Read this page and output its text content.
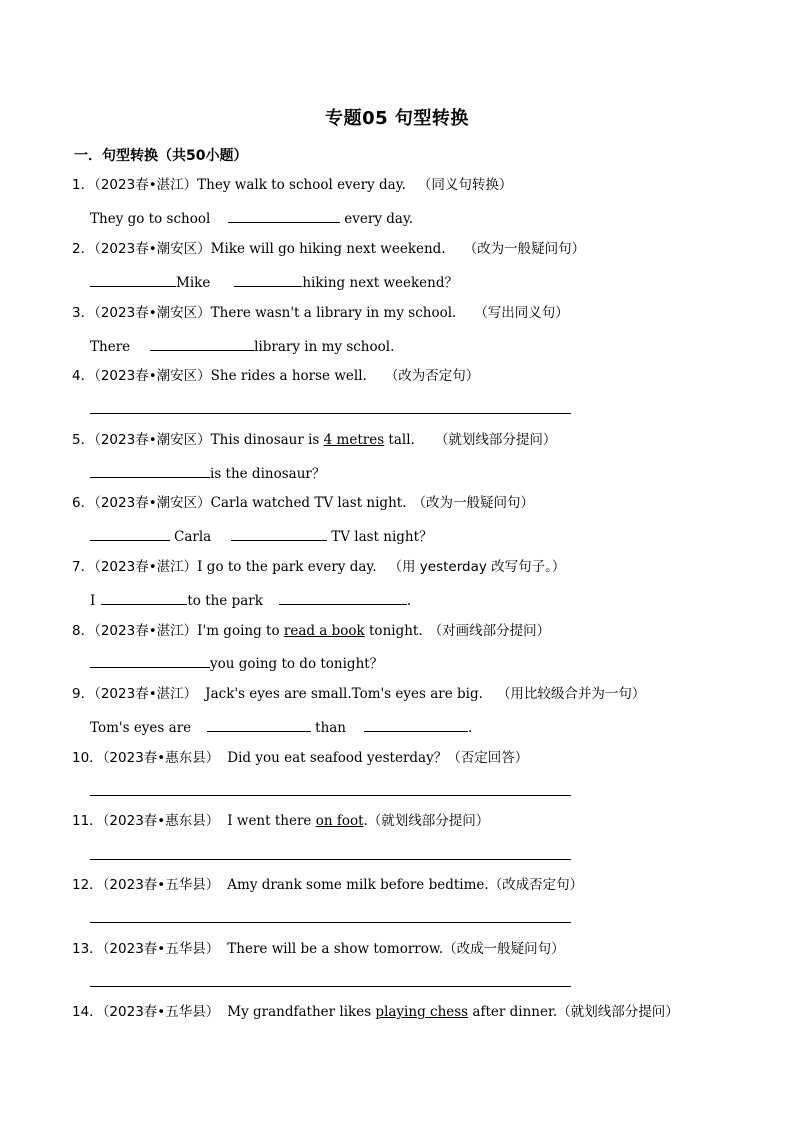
专题05 句型转换
一．句型转换（共50小题）
1．（2023春•湛江）They walk to school every day. （同义句转换）
They go to school	every day.
2．（2023春•潮安区）Mike will go hiking next weekend. （改为一般疑问句）
Mike	hiking next weekend？
3．（2023春•潮安区）There wasn't a library in my school. （写出同义句）
There	library in my school.
4．（2023春•潮安区）She rides a horse well. （改为否定句）
5．（2023春•潮安区）This dinosaur is 4 metres tall. （就划线部分提问）
is the dinosaur？
6．（2023春•潮安区）Carla watched TV last night. （改为一般疑问句）
Carla	TV last night？
7．（2023春•湛江）I go to the park every day. （用 yesterday 改写句子。）
I	to the park	.
8．（2023春•湛江）I'm going to read a book tonight. （对画线部分提问）
you going to do tonight？
9．（2023春•湛江） Jack's eyes are small.Tom's eyes are big. （用比较级合并为一句）
Tom's eyes are	than	.
10．（2023春•惠东县） Did you eat seafood yesterday？（否定回答）
11．（2023春•惠东县） I went there on foot.（就划线部分提问）
12．（2023春•五华县） Amy drank some milk before bedtime.（改成否定句）
13．（2023春•五华县） There will be a show tomorrow.（改成一般疑问句）
14．（2023春•五华县） My grandfather likes playing chess after dinner.（就划线部分提问）
